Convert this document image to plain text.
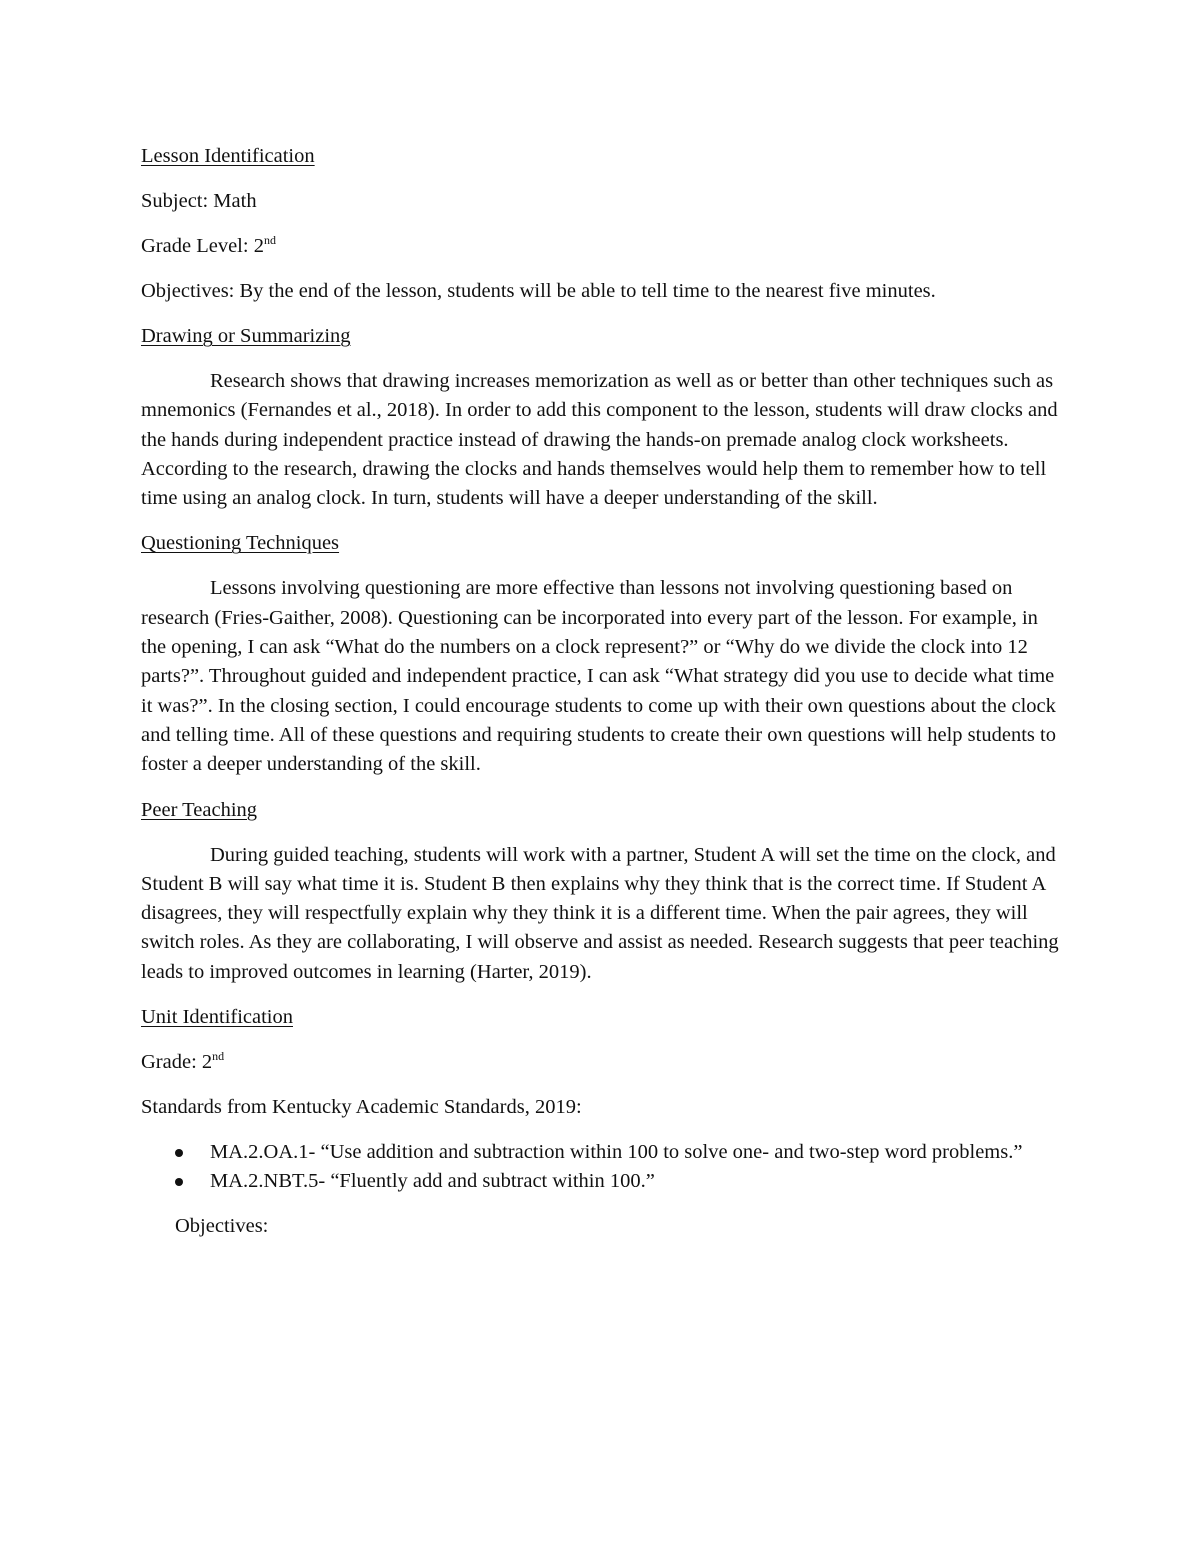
Lesson Identification
Subject: Math
Grade Level: 2nd
Objectives: By the end of the lesson, students will be able to tell time to the nearest five minutes.
Drawing or Summarizing
Research shows that drawing increases memorization as well as or better than other techniques such as mnemonics (Fernandes et al., 2018). In order to add this component to the lesson, students will draw clocks and the hands during independent practice instead of drawing the hands-on premade analog clock worksheets. According to the research, drawing the clocks and hands themselves would help them to remember how to tell time using an analog clock. In turn, students will have a deeper understanding of the skill.
Questioning Techniques
Lessons involving questioning are more effective than lessons not involving questioning based on research (Fries-Gaither, 2008). Questioning can be incorporated into every part of the lesson. For example, in the opening, I can ask “What do the numbers on a clock represent?” or “Why do we divide the clock into 12 parts?”. Throughout guided and independent practice, I can ask “What strategy did you use to decide what time it was?”. In the closing section, I could encourage students to come up with their own questions about the clock and telling time. All of these questions and requiring students to create their own questions will help students to foster a deeper understanding of the skill.
Peer Teaching
During guided teaching, students will work with a partner, Student A will set the time on the clock, and Student B will say what time it is. Student B then explains why they think that is the correct time. If Student A disagrees, they will respectfully explain why they think it is a different time. When the pair agrees, they will switch roles. As they are collaborating, I will observe and assist as needed. Research suggests that peer teaching leads to improved outcomes in learning (Harter, 2019).
Unit Identification
Grade: 2nd
Standards from Kentucky Academic Standards, 2019:
MA.2.OA.1- “Use addition and subtraction within 100 to solve one- and two-step word problems.”
MA.2.NBT.5- “Fluently add and subtract within 100.”
Objectives:
